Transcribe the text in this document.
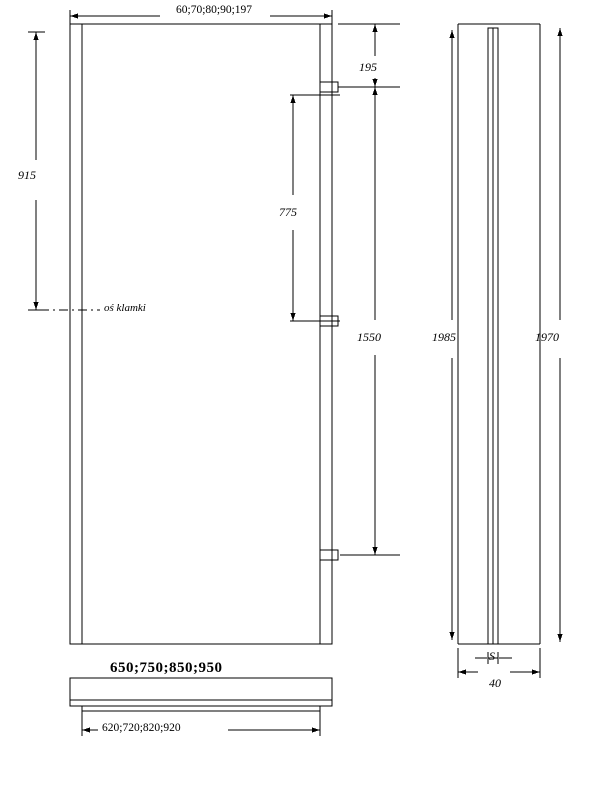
60;70;80;90;197
915
oś klamki
195
775
1550	1985	1970
S
40
650;750;850;950
620;720;820;920
